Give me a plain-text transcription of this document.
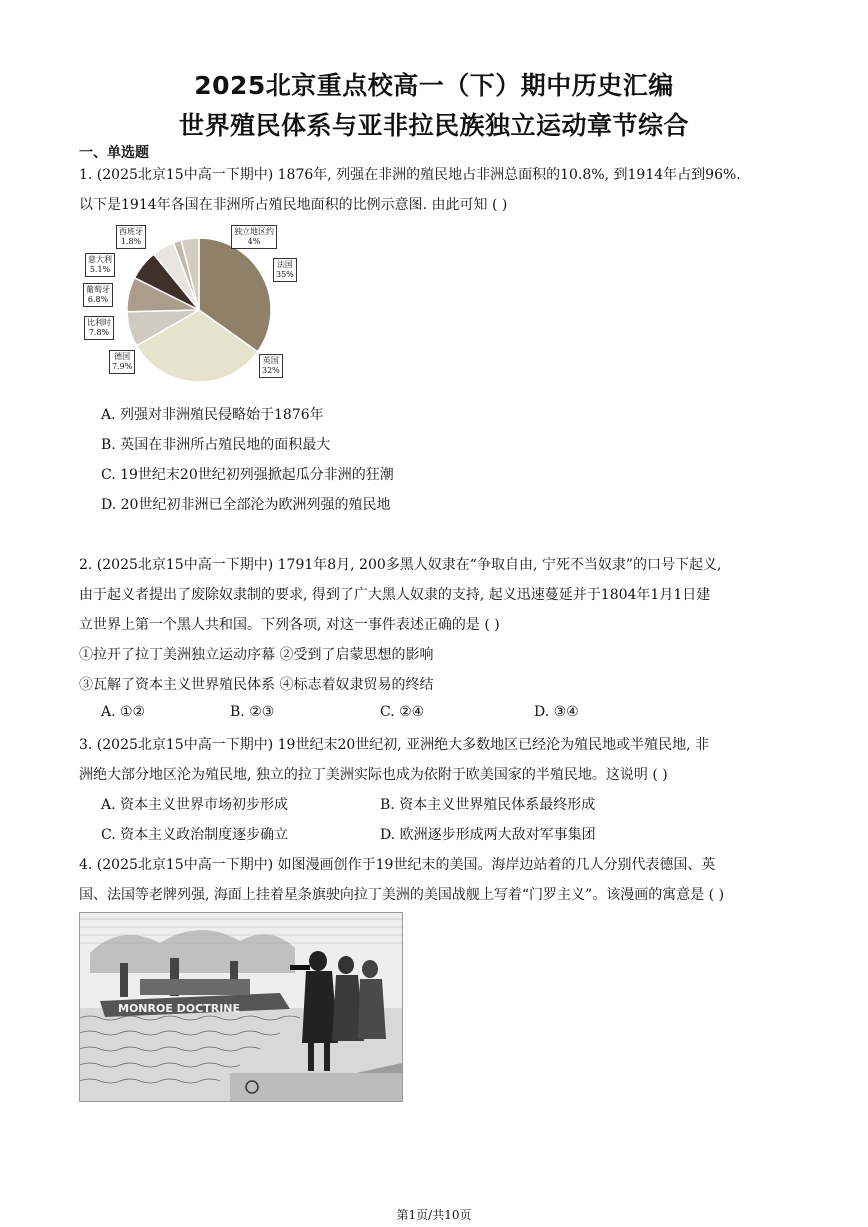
2025北京重点校高一（下）期中历史汇编
世界殖民体系与亚非拉民族独立运动章节综合
一、单选题
1. (2025北京15中高一下期中) 1876年, 列强在非洲的殖民地占非洲总面积的10.8%, 到1914年占到96%.
以下是1914年各国在非洲所占殖民地面积的比例示意图. 由此可知 ( )
西班牙
1.8%
独立地区约
4%
意大利
5.1%
葡萄牙
6.8%
比利时
7.8%
德国
7.9%
法国
35%
英国
32%
A. 列强对非洲殖民侵略始于1876年
B. 英国在非洲所占殖民地的面积最大
C. 19世纪末20世纪初列强掀起瓜分非洲的狂潮
D. 20世纪初非洲已全部沦为欧洲列强的殖民地
2. (2025北京15中高一下期中) 1791年8月, 200多黑人奴隶在“争取自由, 宁死不当奴隶”的口号下起义,
由于起义者提出了废除奴隶制的要求, 得到了广大黑人奴隶的支持, 起义迅速蔓延并于1804年1月1日建
立世界上第一个黑人共和国。下列各项, 对这一事件表述正确的是 ( )
①拉开了拉丁美洲独立运动序幕 ②受到了启蒙思想的影响
③瓦解了资本主义世界殖民体系 ④标志着奴隶贸易的终结
A. ①②	B. ②③	C. ②④	D. ③④
3. (2025北京15中高一下期中) 19世纪末20世纪初, 亚洲绝大多数地区已经沦为殖民地或半殖民地, 非
洲绝大部分地区沦为殖民地, 独立的拉丁美洲实际也成为依附于欧美国家的半殖民地。这说明 ( )
A. 资本主义世界市场初步形成	B. 资本主义世界殖民体系最终形成
C. 资本主义政治制度逐步确立	D. 欧洲逐步形成两大敌对军事集团
4. (2025北京15中高一下期中) 如图漫画创作于19世纪末的美国。海岸边站着的几人分别代表德国、英
国、法国等老牌列强, 海面上挂着星条旗驶向拉丁美洲的美国战舰上写着“门罗主义”。该漫画的寓意是 ( )
MONROE DOCTRINE
第1页/共10页
